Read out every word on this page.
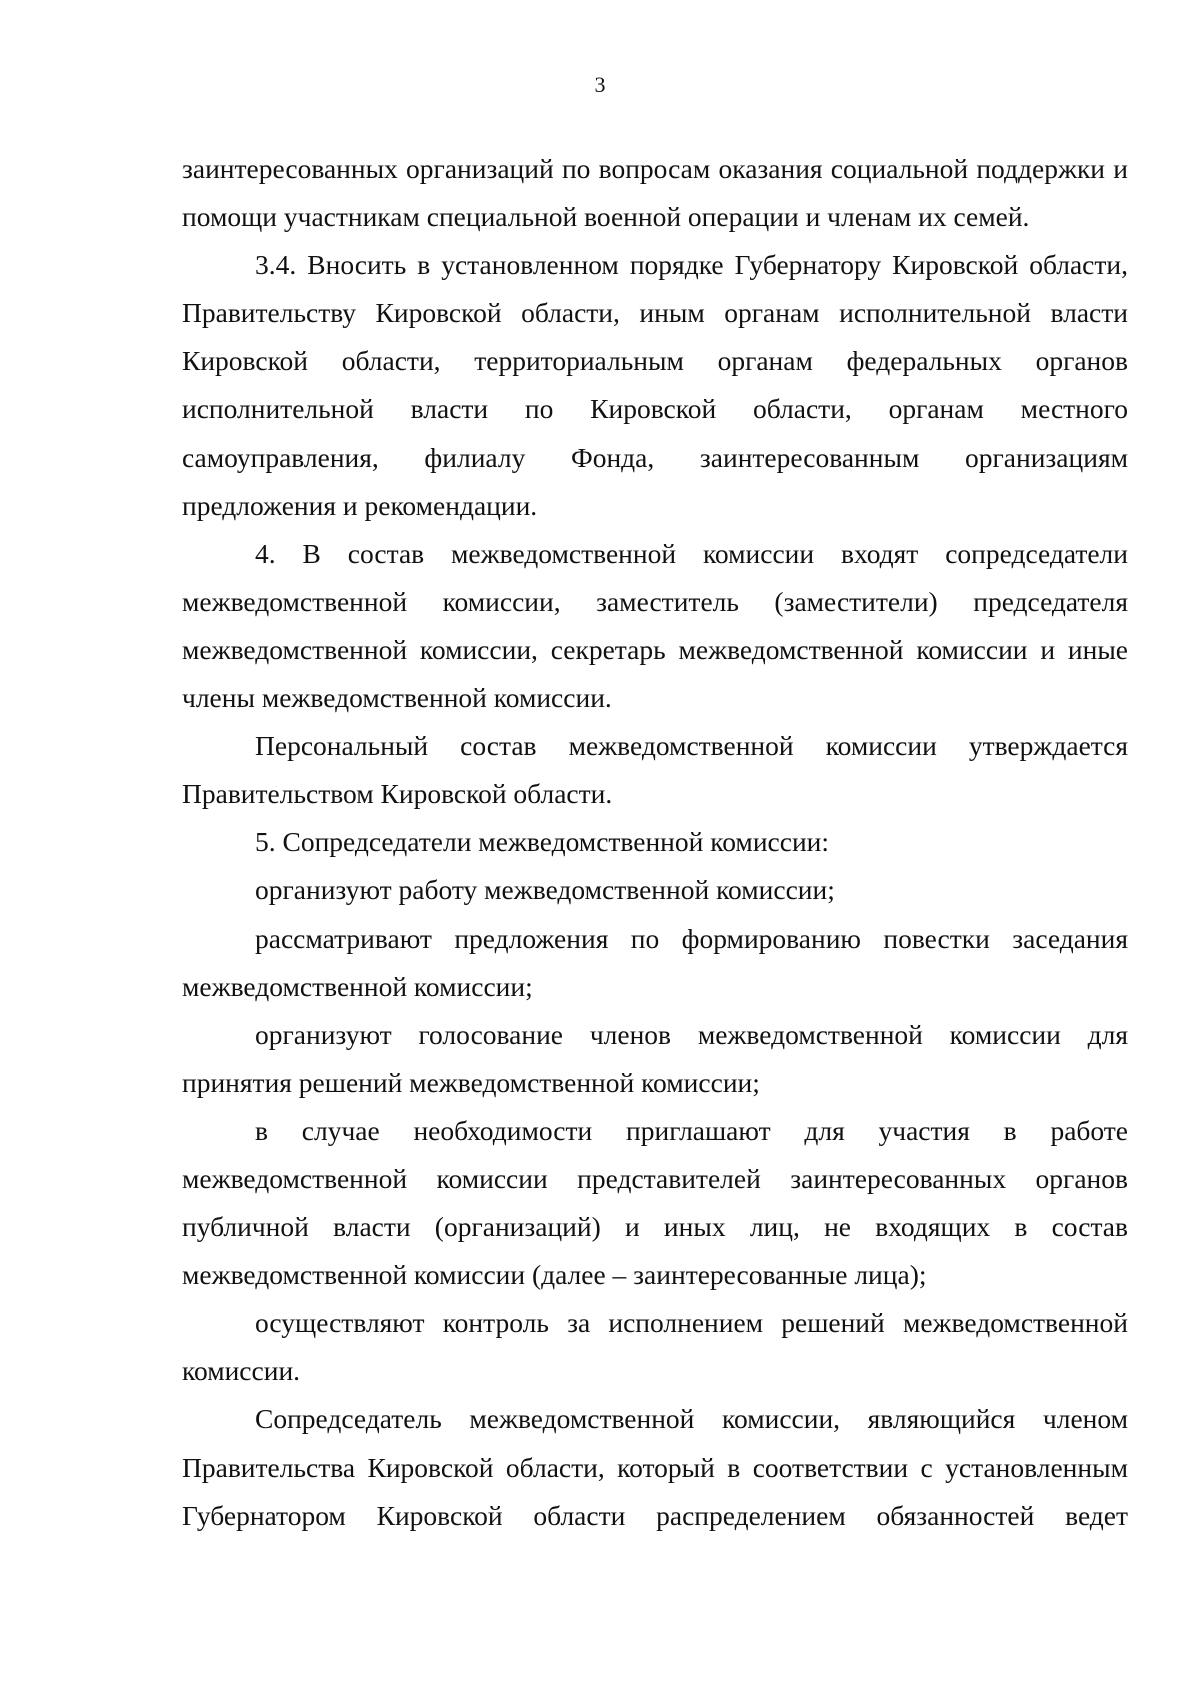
3

заинтересованных организаций по вопросам оказания социальной поддержки и помощи участникам специальной военной операции и членам их семей.

3.4. Вносить в установленном порядке Губернатору Кировской области, Правительству Кировской области, иным органам исполнительной власти Кировской области, территориальным органам федеральных органов исполнительной власти по Кировской области, органам местного самоуправления, филиалу Фонда, заинтересованным организациям предложения и рекомендации.

4. В состав межведомственной комиссии входят сопредседатели межведомственной комиссии, заместитель (заместители) председателя межведомственной комиссии, секретарь межведомственной комиссии и иные члены межведомственной комиссии.

Персональный состав межведомственной комиссии утверждается Правительством Кировской области.

5. Сопредседатели межведомственной комиссии:

организуют работу межведомственной комиссии;

рассматривают предложения по формированию повестки заседания межведомственной комиссии;

организуют голосование членов межведомственной комиссии для принятия решений межведомственной комиссии;

в случае необходимости приглашают для участия в работе межведомственной комиссии представителей заинтересованных органов публичной власти (организаций) и иных лиц, не входящих в состав межведомственной комиссии (далее – заинтересованные лица);

осуществляют контроль за исполнением решений межведомственной комиссии.

Сопредседатель межведомственной комиссии, являющийся членом Правительства Кировской области, который в соответствии с установленным Губернатором Кировской области распределением обязанностей ведет
